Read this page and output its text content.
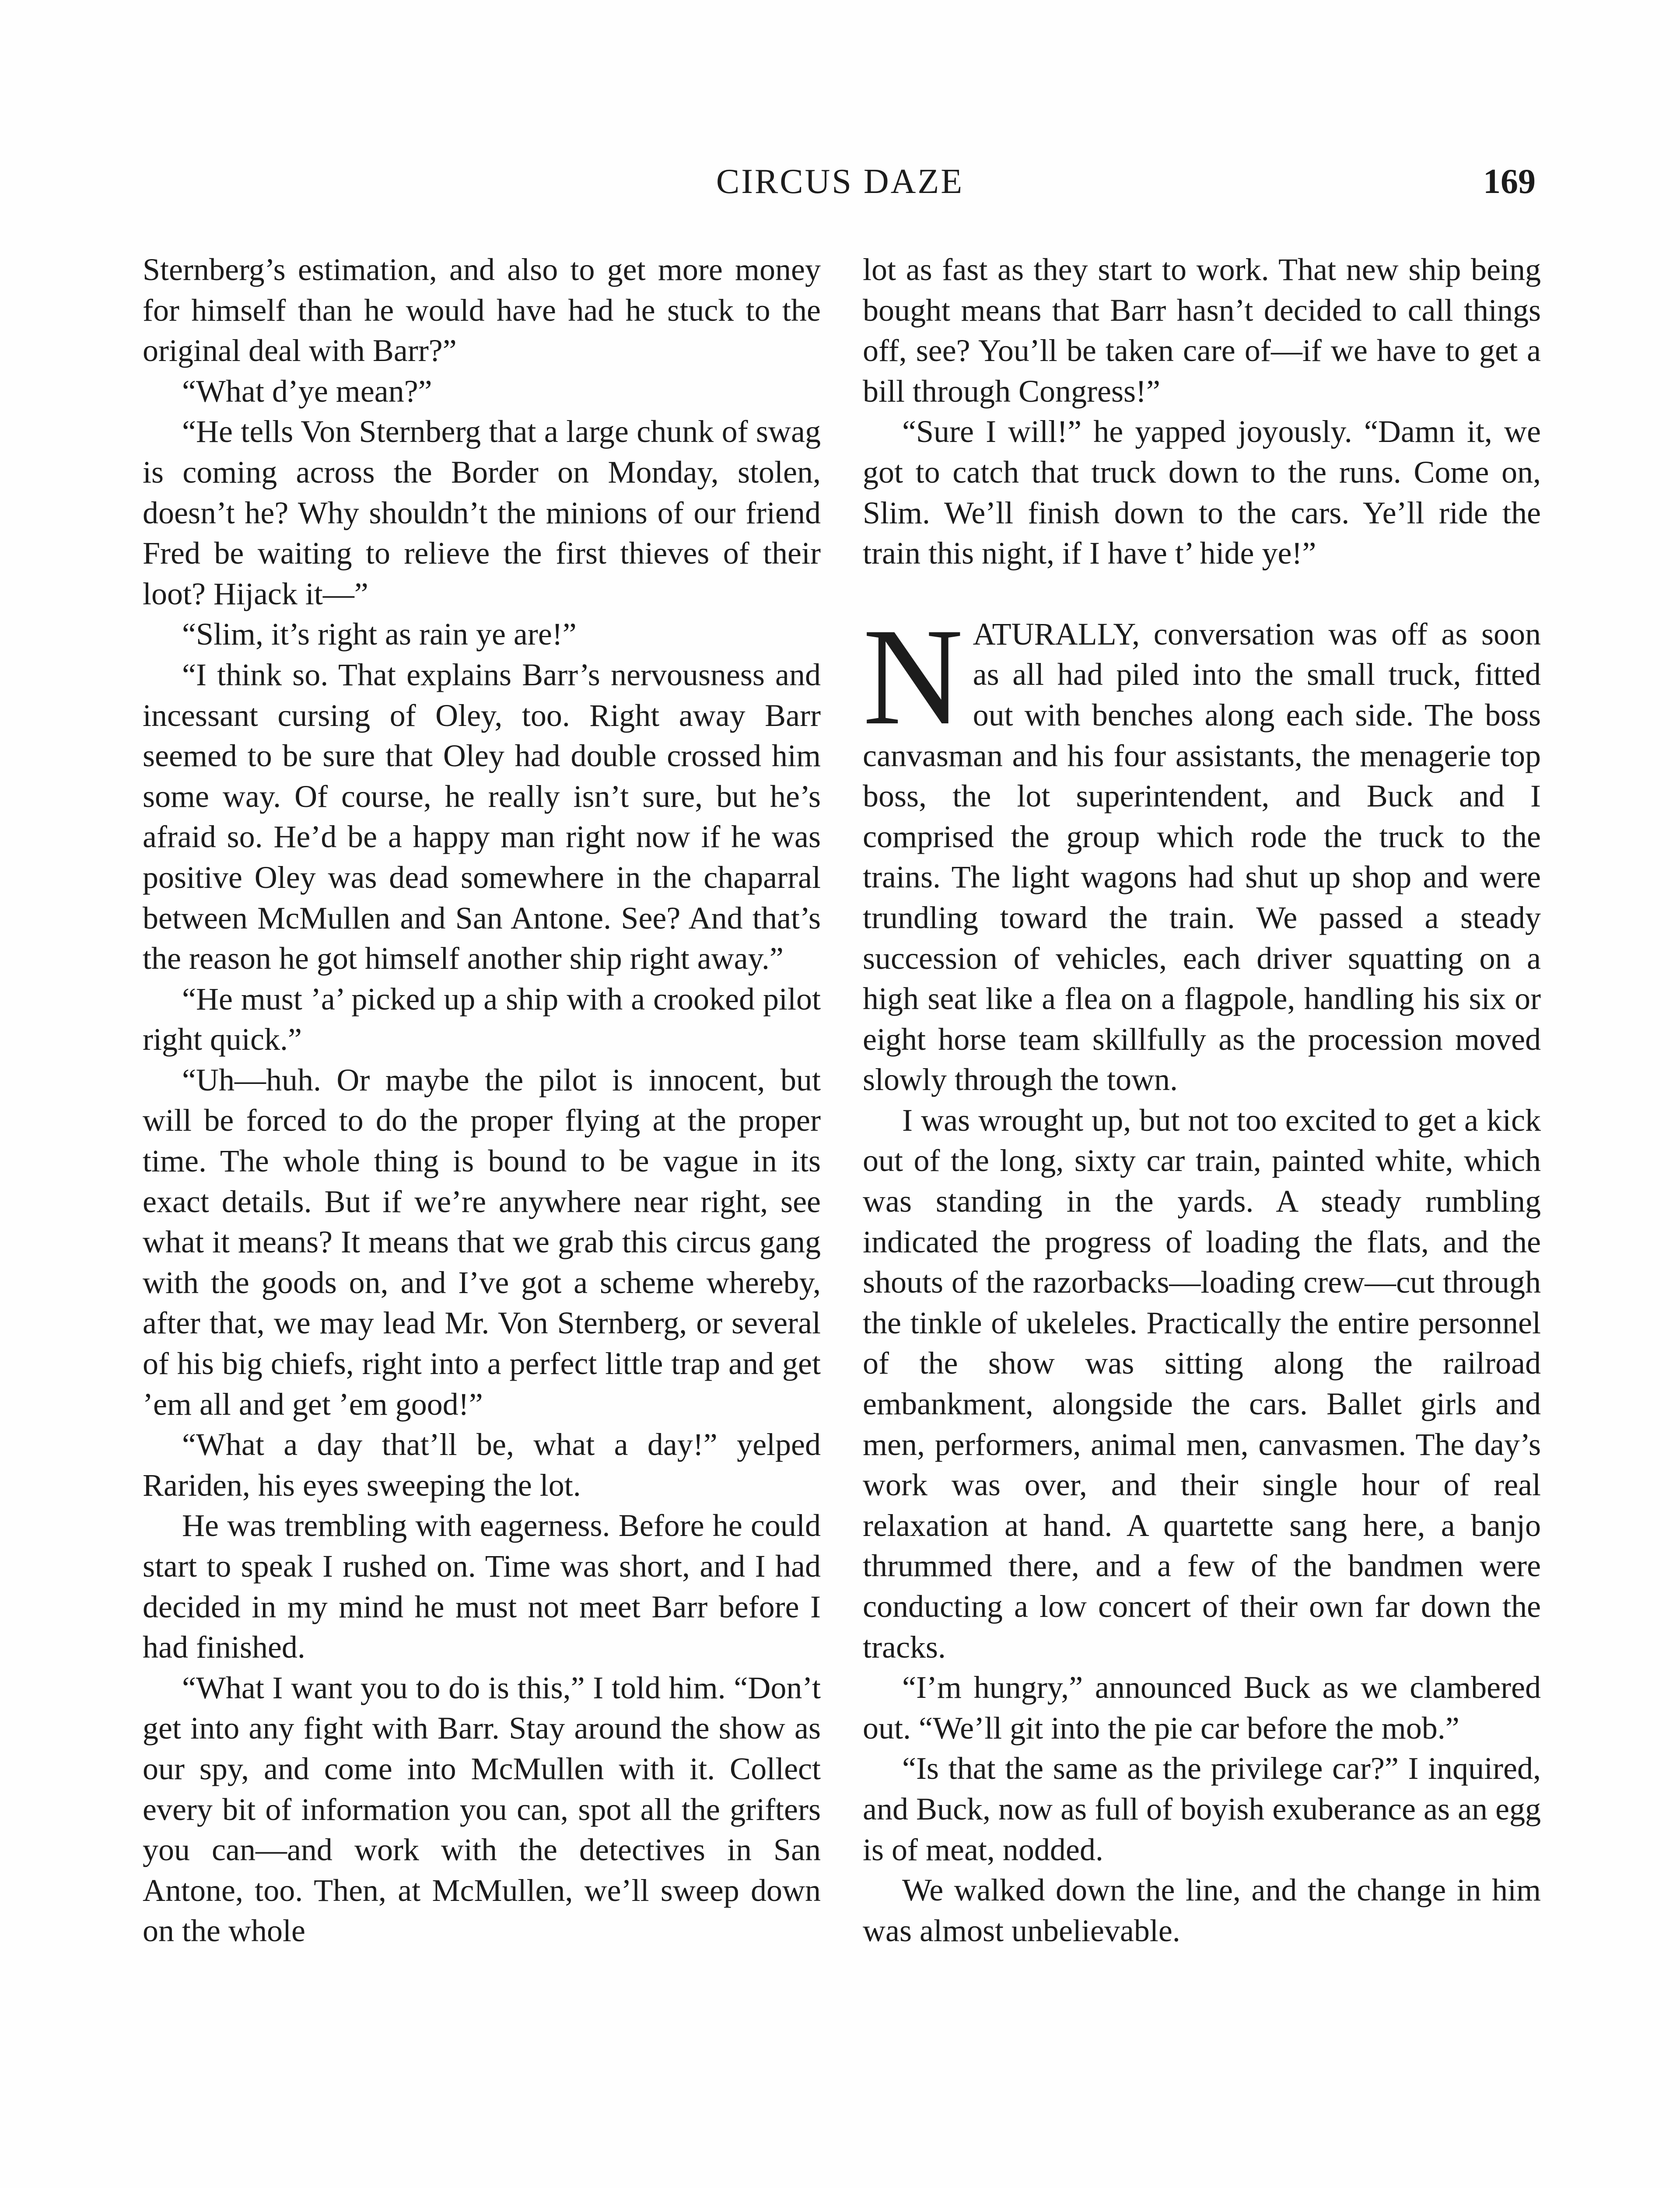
CIRCUS DAZE	169

Sternberg’s estimation, and also to get more money for himself than he would have had he stuck to the original deal with Barr?”

“What d’ye mean?”

“He tells Von Sternberg that a large chunk of swag is coming across the Border on Monday, stolen, doesn’t he? Why shouldn’t the minions of our friend Fred be waiting to relieve the first thieves of their loot? Hijack it—”

“Slim, it’s right as rain ye are!”

“I think so. That explains Barr’s nervousness and incessant cursing of Oley, too. Right away Barr seemed to be sure that Oley had double crossed him some way. Of course, he really isn’t sure, but he’s afraid so. He’d be a happy man right now if he was positive Oley was dead somewhere in the chaparral between McMullen and San Antone. See? And that’s the reason he got himself another ship right away.”

“He must ’a’ picked up a ship with a crooked pilot right quick.”

“Uh—huh. Or maybe the pilot is innocent, but will be forced to do the proper flying at the proper time. The whole thing is bound to be vague in its exact details. But if we’re anywhere near right, see what it means? It means that we grab this circus gang with the goods on, and I’ve got a scheme whereby, after that, we may lead Mr. Von Sternberg, or several of his big chiefs, right into a perfect little trap and get ’em all and get ’em good!”

“What a day that’ll be, what a day!” yelped Rariden, his eyes sweeping the lot.

He was trembling with eagerness. Before he could start to speak I rushed on. Time was short, and I had decided in my mind he must not meet Barr before I had finished.

“What I want you to do is this,” I told him. “Don’t get into any fight with Barr. Stay around the show as our spy, and come into McMullen with it. Collect every bit of information you can, spot all the grifters you can—and work with the detectives in San Antone, too. Then, at McMullen, we’ll sweep down on the whole

lot as fast as they start to work. That new ship being bought means that Barr hasn’t decided to call things off, see? You’ll be taken care of—if we have to get a bill through Congress!”

“Sure I will!” he yapped joyously. “Damn it, we got to catch that truck down to the runs. Come on, Slim. We’ll finish down to the cars. Ye’ll ride the train this night, if I have t’ hide ye!”

NATURALLY, conversation was off as soon as all had piled into the small truck, fitted out with benches along each side. The boss canvasman and his four assistants, the menagerie top boss, the lot superintendent, and Buck and I comprised the group which rode the truck to the trains. The light wagons had shut up shop and were trundling toward the train. We passed a steady succession of vehicles, each driver squatting on a high seat like a flea on a flagpole, handling his six or eight horse team skillfully as the procession moved slowly through the town.

I was wrought up, but not too excited to get a kick out of the long, sixty car train, painted white, which was standing in the yards. A steady rumbling indicated the progress of loading the flats, and the shouts of the razorbacks—loading crew—cut through the tinkle of ukeleles. Practically the entire personnel of the show was sitting along the railroad embankment, alongside the cars. Ballet girls and men, performers, animal men, canvasmen. The day’s work was over, and their single hour of real relaxation at hand. A quartette sang here, a banjo thrummed there, and a few of the bandmen were conducting a low concert of their own far down the tracks.

“I’m hungry,” announced Buck as we clambered out. “We’ll git into the pie car before the mob.”

“Is that the same as the privilege car?” I inquired, and Buck, now as full of boyish exuberance as an egg is of meat, nodded.

We walked down the line, and the change in him was almost unbelievable.
